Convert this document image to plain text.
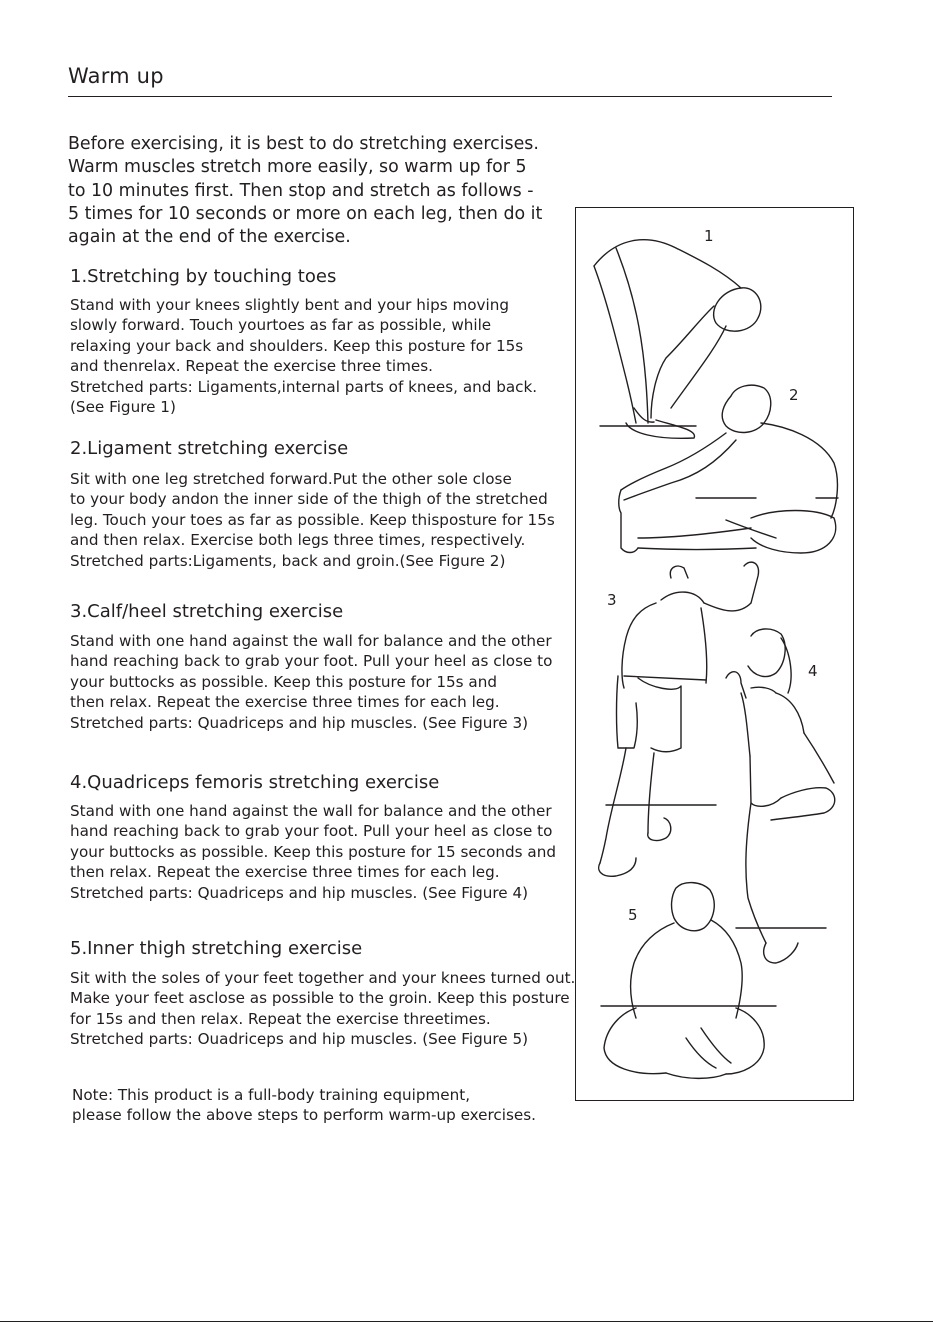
Warm up
Before exercising, it is best to do stretching exercises.
Warm muscles stretch more easily, so warm up for 5
to 10 minutes first. Then stop and stretch as follows -
5 times for 10 seconds or more on each leg, then do it
again at the end of the exercise.
1.Stretching by touching toes
Stand with your knees slightly bent and your hips moving
slowly forward. Touch yourtoes as far as possible, while
relaxing your back and shoulders. Keep this posture for 15s
and thenrelax. Repeat the exercise three times.
Stretched parts: Ligaments,internal parts of knees, and back.
(See Figure 1)
2.Ligament stretching exercise
Sit with one leg stretched forward.Put the other sole close
to your body andon the inner side of the thigh of the stretched
leg. Touch your toes as far as possible. Keep thisposture for 15s
and then relax. Exercise both legs three times, respectively.
Stretched parts:Ligaments, back and groin.(See Figure 2)
3.Calf/heel stretching exercise
Stand with one hand against the wall for balance and the other
hand reaching back to grab your foot. Pull your heel as close to
your buttocks as possible. Keep this posture for 15s and
then relax. Repeat the exercise three times for each leg.
Stretched parts: Quadriceps and hip muscles. (See Figure 3)
4.Quadriceps femoris stretching exercise
Stand with one hand against the wall for balance and the other
hand reaching back to grab your foot. Pull your heel as close to
your buttocks as possible. Keep this posture for 15 seconds and
then relax. Repeat the exercise three times for each leg.
Stretched parts: Quadriceps and hip muscles. (See Figure 4)
5.Inner thigh stretching exercise
Sit with the soles of your feet together and your knees turned out.
Make your feet asclose as possible to the groin. Keep this posture
for 15s and then relax. Repeat the exercise threetimes.
Stretched parts: Ouadriceps and hip muscles. (See Figure 5)
Note: This product is a full-body training equipment,
please follow the above steps to perform warm-up exercises.
1
2
3
4
5
